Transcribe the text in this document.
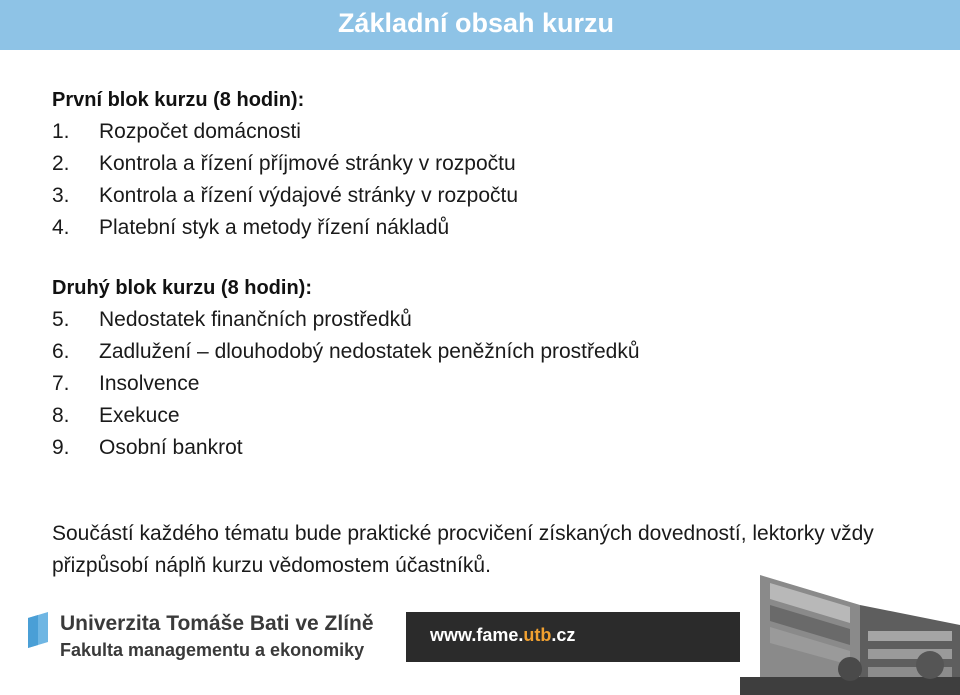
Základní obsah kurzu
První blok kurzu (8 hodin):
1.	Rozpočet domácnosti
2.	Kontrola a řízení příjmové stránky v rozpočtu
3.	Kontrola a řízení výdajové stránky v rozpočtu
4.	Platební styk a metody řízení nákladů
Druhý blok kurzu (8 hodin):
5.	Nedostatek finančních prostředků
6.	Zadlužení – dlouhodobý nedostatek peněžních prostředků
7.	Insolvence
8.	Exekuce
9.	Osobní bankrot
Součástí každého tématu bude praktické procvičení získaných dovedností, lektorky vždy přizpůsobí náplň kurzu vědomostem účastníků.
Univerzita Tomáše Bati ve Zlíně
Fakulta managementu a ekonomiky
www.fame.utb.cz
